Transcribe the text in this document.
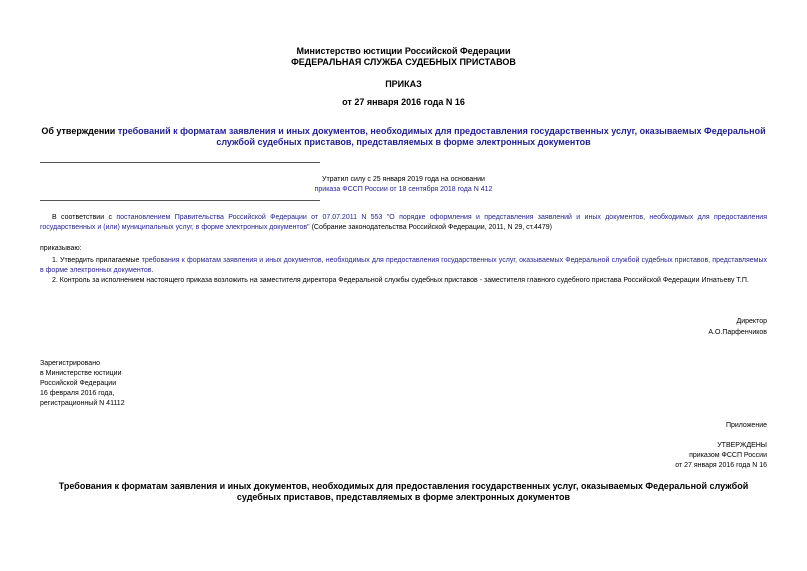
Министерство юстиции Российской Федерации
ФЕДЕРАЛЬНАЯ СЛУЖБА СУДЕБНЫХ ПРИСТАВОВ
ПРИКАЗ
от 27 января 2016 года N 16
Об утверждении требований к форматам заявления и иных документов, необходимых для предоставления государственных услуг, оказываемых Федеральной службой судебных приставов, представляемых в форме электронных документов
Утратил силу с 25 января 2019 года на основании
приказа ФССП России от 18 сентября 2018 года N 412
В соответствии с постановлением Правительства Российской Федерации от 07.07.2011 N 553 "О порядке оформления и представления заявлений и иных документов, необходимых для предоставления государственных и (или) муниципальных услуг, в форме электронных документов" (Собрание законодательства Российской Федерации, 2011, N 29, ст.4479)
приказываю:
1. Утвердить прилагаемые требования к форматам заявления и иных документов, необходимых для предоставления государственных услуг, оказываемых Федеральной службой судебных приставов, представляемых в форме электронных документов.
2. Контроль за исполнением настоящего приказа возложить на заместителя директора Федеральной службы судебных приставов - заместителя главного судебного пристава Российской Федерации Игнатьеву Т.П.
Директор
А.О.Парфенчиков
Зарегистрировано
в Министерстве юстиции
Российской Федерации
16 февраля 2016 года,
регистрационный N 41112
Приложение
УТВЕРЖДЕНЫ
приказом ФССП России
от 27 января 2016 года N 16
Требования к форматам заявления и иных документов, необходимых для предоставления государственных услуг, оказываемых Федеральной службой судебных приставов, представляемых в форме электронных документов
